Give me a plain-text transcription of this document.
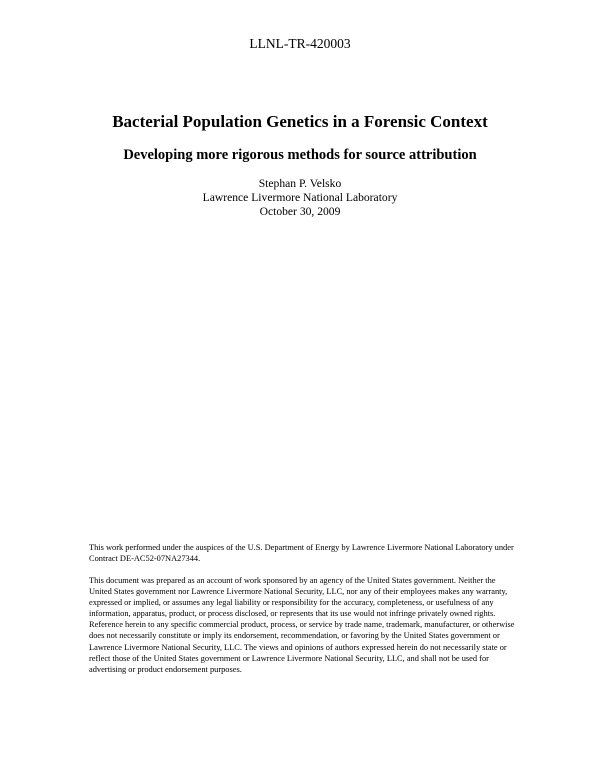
LLNL-TR-420003
Bacterial Population Genetics in a Forensic Context
Developing more rigorous methods for source attribution
Stephan P. Velsko
Lawrence Livermore National Laboratory
October 30, 2009
This work performed under the auspices of the U.S. Department of Energy by Lawrence Livermore National Laboratory under Contract DE-AC52-07NA27344.
This document was prepared as an account of work sponsored by an agency of the United States government. Neither the United States government nor Lawrence Livermore National Security, LLC, nor any of their employees makes any warranty, expressed or implied, or assumes any legal liability or responsibility for the accuracy, completeness, or usefulness of any information, apparatus, product, or process disclosed, or represents that its use would not infringe privately owned rights. Reference herein to any specific commercial product, process, or service by trade name, trademark, manufacturer, or otherwise does not necessarily constitute or imply its endorsement, recommendation, or favoring by the United States government or Lawrence Livermore National Security, LLC. The views and opinions of authors expressed herein do not necessarily state or reflect those of the United States government or Lawrence Livermore National Security, LLC, and shall not be used for advertising or product endorsement purposes.
